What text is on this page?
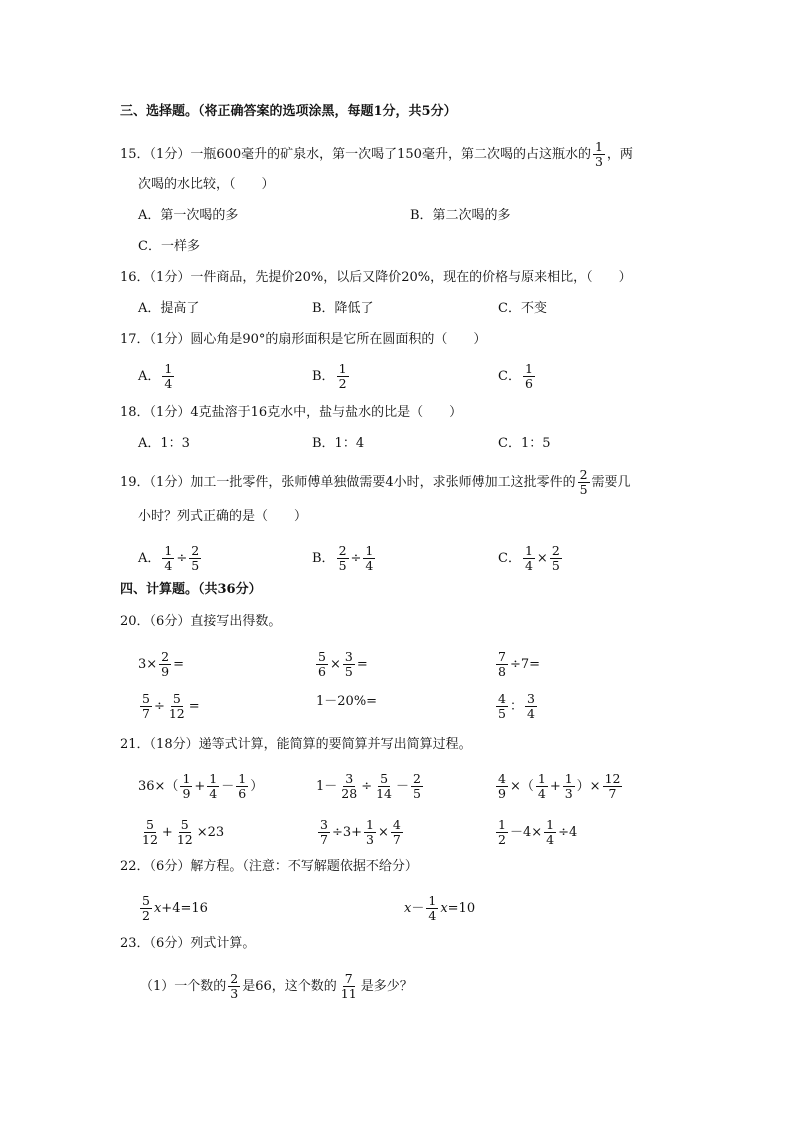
三、选择题。（将正确答案的选项涂黑，每题1分，共5分）
15．（1分）一瓶600毫升的矿泉水，第一次喝了150毫升，第二次喝的占这瓶水的 $\frac{1}{3}$ ，两
次喝的水比较，（　　）
A．第一次喝的多	B．第二次喝的多
C．一样多
16．（1分）一件商品，先提价20%，以后又降价20%，现在的价格与原来相比，（　　）
A．提高了	B．降低了	C．不变
17．（1分）圆心角是90°的扇形面积是它所在圆面积的（　　）
A． $\frac{1}{4}$	B． $\frac{1}{2}$	C． $\frac{1}{6}$
18．（1分）4克盐溶于16克水中，盐与盐水的比是（　　）
A．1：3	B．1：4	C．1：5
19．（1分）加工一批零件，张师傅单独做需要4小时，求张师傅加工这批零件的 $\frac{2}{5}$ 需要几
小时？列式正确的是（　　）
A． $\frac{1}{4} \div \frac{2}{5}$	B． $\frac{2}{5} \div \frac{1}{4}$	C． $\frac{1}{4} \times \frac{2}{5}$
四、计算题。（共36分）
20．（6分）直接写出得数。
$3\times \frac{2}{9}$ =	$\frac{5}{6} \times \frac{3}{5}$ =	$\frac{7}{8} \div 7=$
$\frac{5}{7} \div \frac{5}{12}$ =	1－20%=	$\frac{4}{5}$ ： $\frac{3}{4}$
21．（18分）递等式计算，能简算的要简算并写出简算过程。
$36\times( \frac{1}{9} + \frac{1}{4} - \frac{1}{6}$ ）	$1- \frac{3}{28} \div \frac{5}{14} - \frac{2}{5}$	$\frac{4}{9}$ ×（ $\frac{1}{4} + \frac{1}{3}$ ）× $\frac{12}{7}$
$\frac{5}{12} + \frac{5}{12} \times 23$	$\frac{3}{7} \div 3+ \frac{1}{3} \times \frac{4}{7}$	$\frac{1}{2} -4\times \frac{1}{4} \div 4$
22．（6分）解方程。（注意：不写解题依据不给分）
$\frac{5}{2} x+4=16$	$x- \frac{1}{4} x=10$
23．（6分）列式计算。
（1）一个数的 $\frac{2}{3}$ 是66，这个数的 $\frac{7}{11}$ 是多少？
